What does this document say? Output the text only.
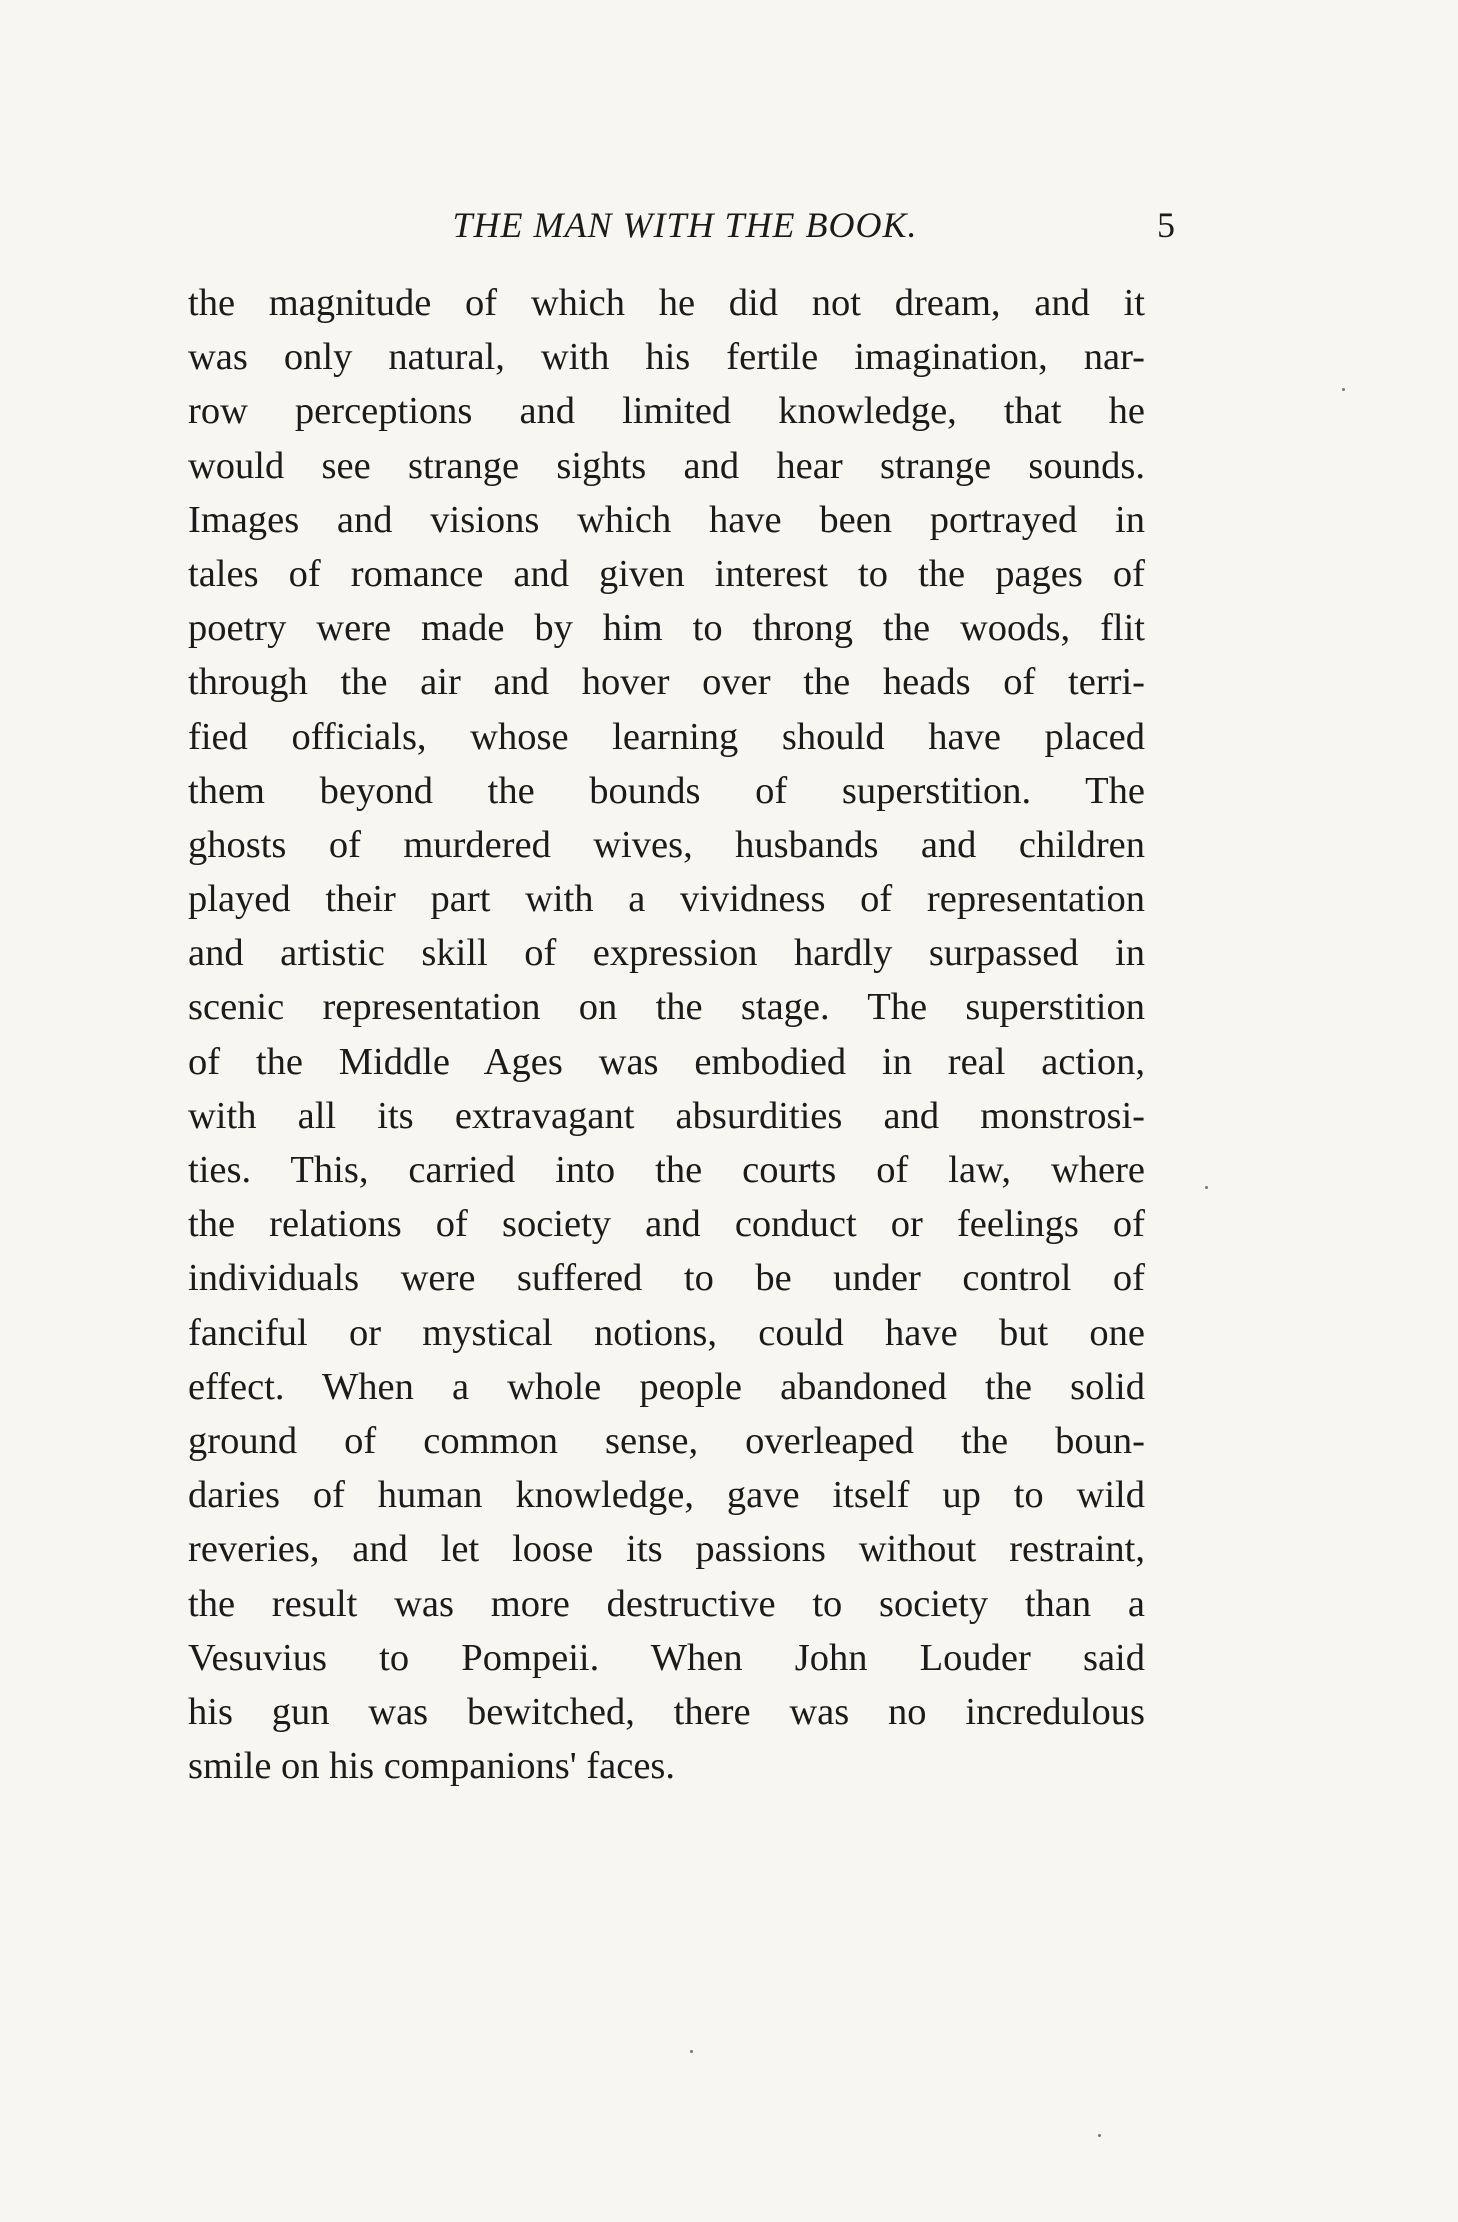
THE MAN WITH THE BOOK.	5
the magnitude of which he did not dream, and it
was only natural, with his fertile imagination, nar-
row perceptions and limited knowledge, that he
would see strange sights and hear strange sounds.
Images and visions which have been portrayed in
tales of romance and given interest to the pages of
poetry were made by him to throng the woods, flit
through the air and hover over the heads of terri-
fied officials, whose learning should have placed
them beyond the bounds of superstition. The
ghosts of murdered wives, husbands and children
played their part with a vividness of representation
and artistic skill of expression hardly surpassed in
scenic representation on the stage. The superstition
of the Middle Ages was embodied in real action,
with all its extravagant absurdities and monstrosi-
ties. This, carried into the courts of law, where
the relations of society and conduct or feelings of
individuals were suffered to be under control of
fanciful or mystical notions, could have but one
effect. When a whole people abandoned the solid
ground of common sense, overleaped the boun-
daries of human knowledge, gave itself up to wild
reveries, and let loose its passions without restraint,
the result was more destructive to society than a
Vesuvius to Pompeii. When John Louder said
his gun was bewitched, there was no incredulous
smile on his companions' faces.
